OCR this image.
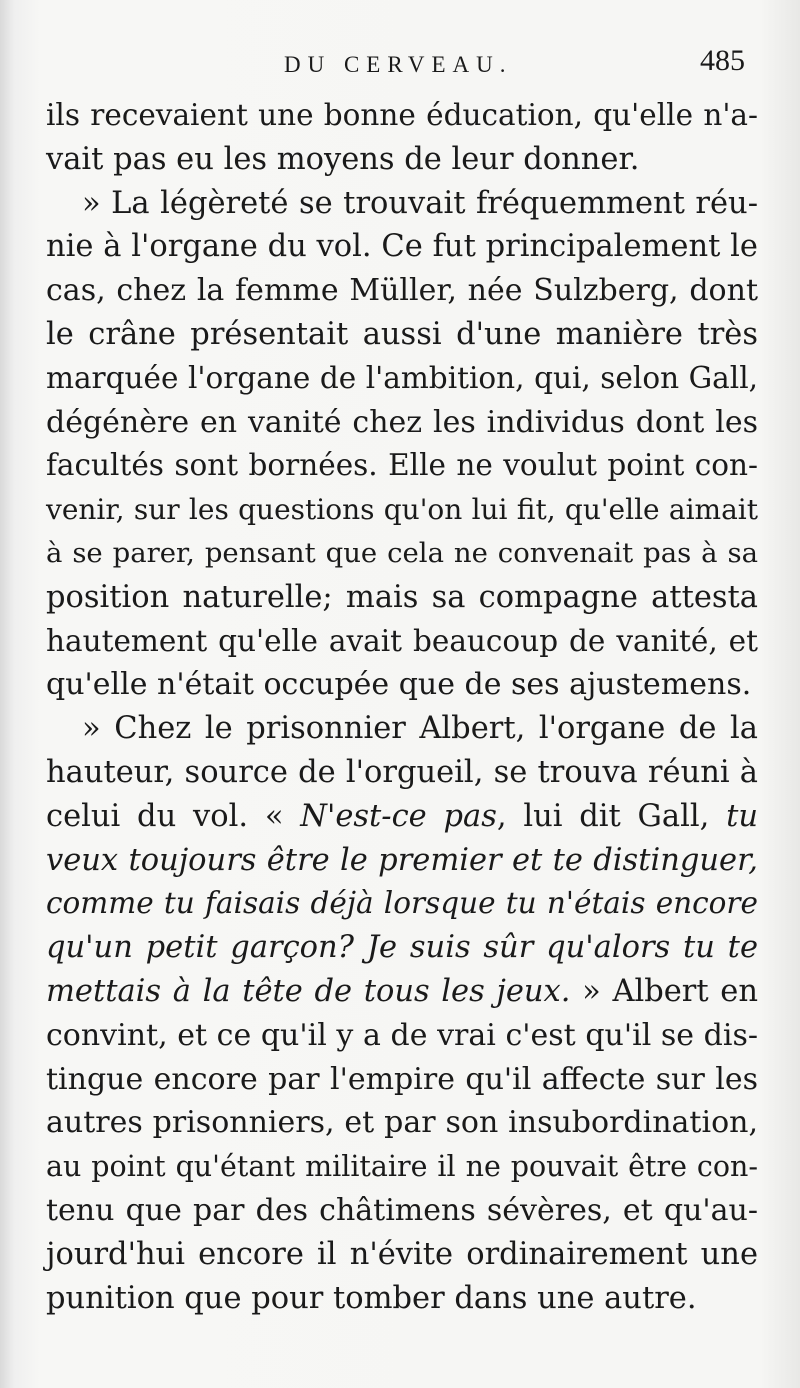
DU CERVEAU.	485
ils recevaient une bonne éducation, qu'elle n'a-
vait pas eu les moyens de leur donner.
» La légèreté se trouvait fréquemment réu-
nie à l'organe du vol. Ce fut principalement le
cas, chez la femme Müller, née Sulzberg, dont
le crâne présentait aussi d'une manière très
marquée l'organe de l'ambition, qui, selon Gall,
dégénère en vanité chez les individus dont les
facultés sont bornées. Elle ne voulut point con-
venir, sur les questions qu'on lui fit, qu'elle aimait
à se parer, pensant que cela ne convenait pas à sa
position naturelle; mais sa compagne attesta
hautement qu'elle avait beaucoup de vanité, et
qu'elle n'était occupée que de ses ajustemens.
» Chez le prisonnier Albert, l'organe de la
hauteur, source de l'orgueil, se trouva réuni à
celui du vol. « N'est-ce pas, lui dit Gall, tu
veux toujours être le premier et te distinguer,
comme tu faisais déjà lorsque tu n'étais encore
qu'un petit garçon? Je suis sûr qu'alors tu te
mettais à la tête de tous les jeux. » Albert en
convint, et ce qu'il y a de vrai c'est qu'il se dis-
tingue encore par l'empire qu'il affecte sur les
autres prisonniers, et par son insubordination,
au point qu'étant militaire il ne pouvait être con-
tenu que par des châtimens sévères, et qu'au-
jourd'hui encore il n'évite ordinairement une
punition que pour tomber dans une autre.
